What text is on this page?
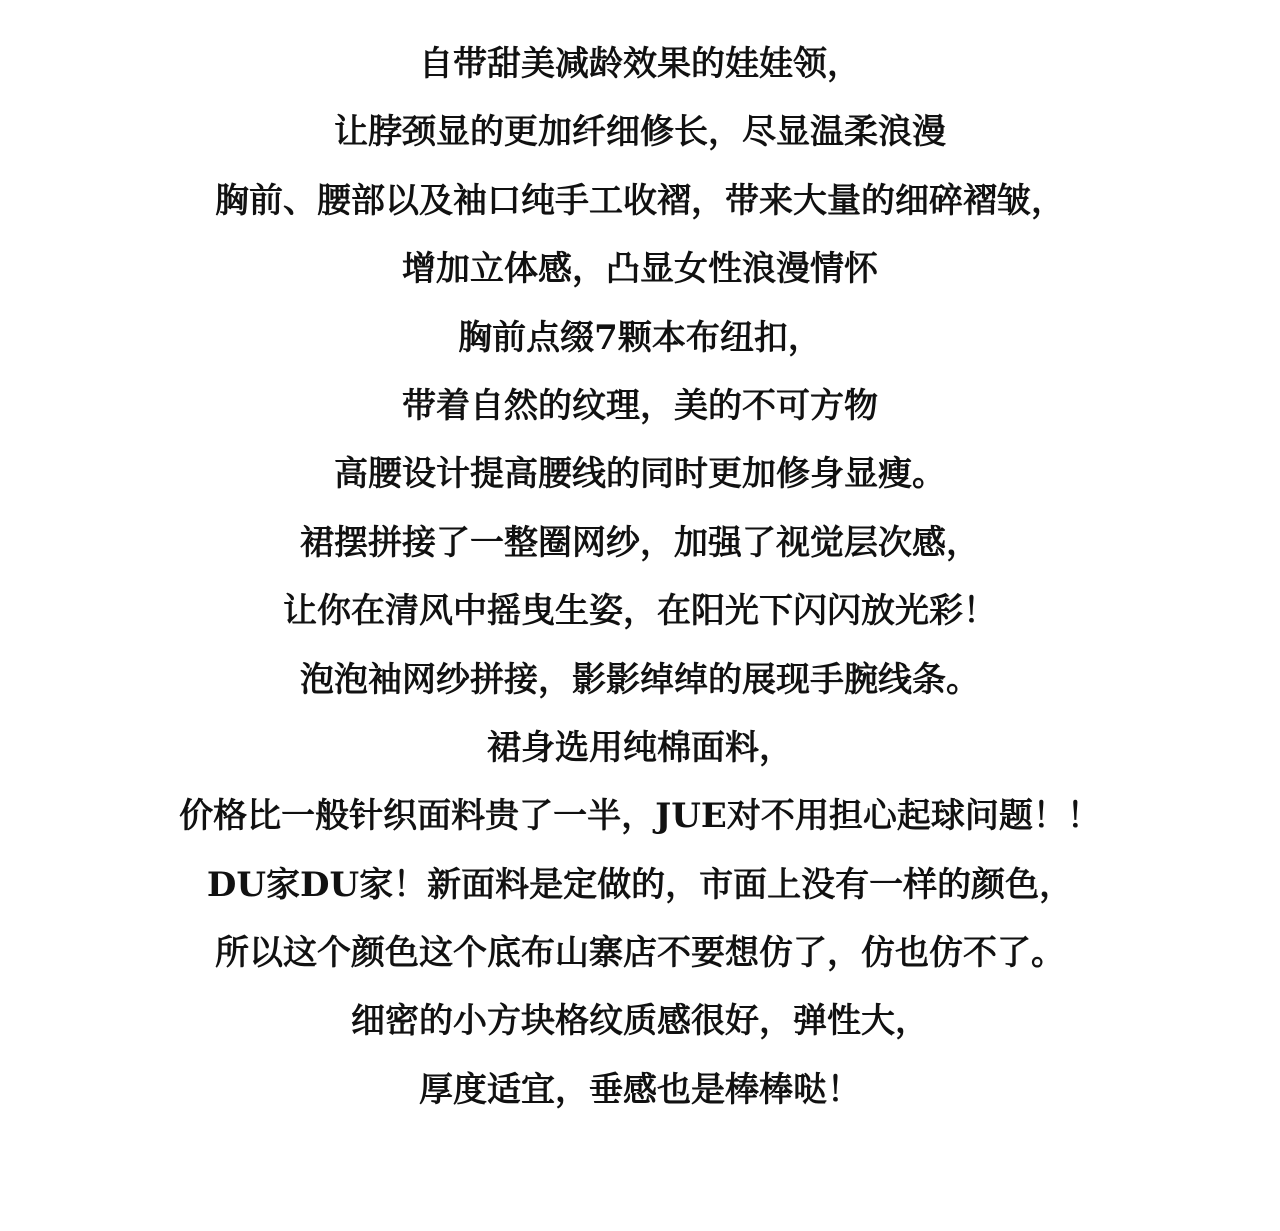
自带甜美减龄效果的娃娃领，
让脖颈显的更加纤细修长，尽显温柔浪漫
胸前、腰部以及袖口纯手工收褶，带来大量的细碎褶皱，
增加立体感，凸显女性浪漫情怀
胸前点缀7颗本布纽扣，
带着自然的纹理，美的不可方物
高腰设计提高腰线的同时更加修身显瘦。
裙摆拼接了一整圈网纱，加强了视觉层次感，
让你在清风中摇曳生姿，在阳光下闪闪放光彩！
泡泡袖网纱拼接，影影绰绰的展现手腕线条。
裙身选用纯棉面料，
价格比一般针织面料贵了一半，JUE对不用担心起球问题！！
DU家DU家！新面料是定做的，市面上没有一样的颜色，
所以这个颜色这个底布山寨店不要想仿了，仿也仿不了。
细密的小方块格纹质感很好，弹性大，
厚度适宜，垂感也是棒棒哒！
